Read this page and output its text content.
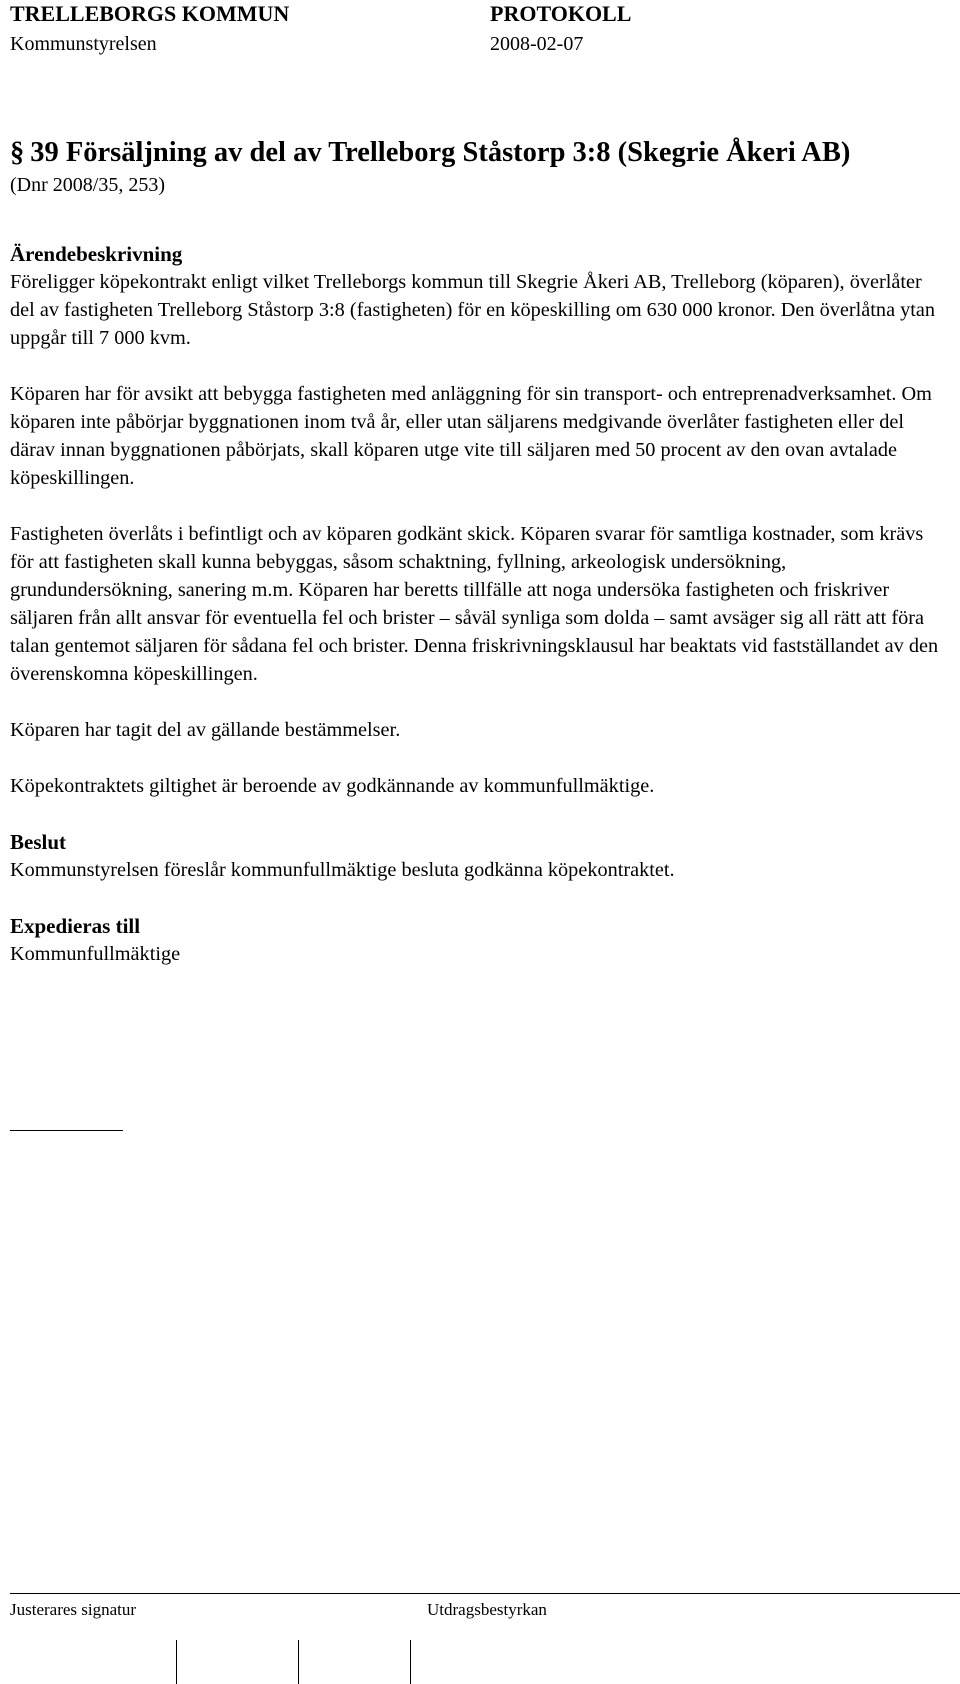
TRELLEBORGS KOMMUN	PROTOKOLL
Kommunstyrelsen	2008-02-07
§ 39 Försäljning av del av Trelleborg Ståstorp 3:8 (Skegrie Åkeri AB)
(Dnr 2008/35, 253)

Ärendebeskrivning

Föreligger köpekontrakt enligt vilket Trelleborgs kommun till Skegrie Åkeri AB, Trelleborg (köparen), överlåter del av fastigheten Trelleborg Ståstorp 3:8 (fastigheten) för en köpeskilling om 630 000 kronor. Den överlåtna ytan uppgår till 7 000 kvm.

Köparen har för avsikt att bebygga fastigheten med anläggning för sin transport- och entreprenadverksamhet. Om köparen inte påbörjar byggnationen inom två år, eller utan säljarens medgivande överlåter fastigheten eller del därav innan byggnationen påbörjats, skall köparen utge vite till säljaren med 50 procent av den ovan avtalade köpeskillingen.

Fastigheten överlåts i befintligt och av köparen godkänt skick. Köparen svarar för samtliga kostnader, som krävs för att fastigheten skall kunna bebyggas, såsom schaktning, fyllning, arkeologisk undersökning, grundundersökning, sanering m.m. Köparen har beretts tillfälle att noga undersöka fastigheten och friskriver säljaren från allt ansvar för eventuella fel och brister – såväl synliga som dolda – samt avsäger sig all rätt att föra talan gentemot säljaren för sådana fel och brister. Denna friskrivningsklausul har beaktats vid fastställandet av den överenskomna köpeskillingen.

Köparen har tagit del av gällande bestämmelser.

Köpekontraktets giltighet är beroende av godkännande av kommunfullmäktige.

Beslut

Kommunstyrelsen föreslår kommunfullmäktige besluta godkänna köpekontraktet.

Expedieras till

Kommunfullmäktige

Justerares signatur	Utdragsbestyrkan
